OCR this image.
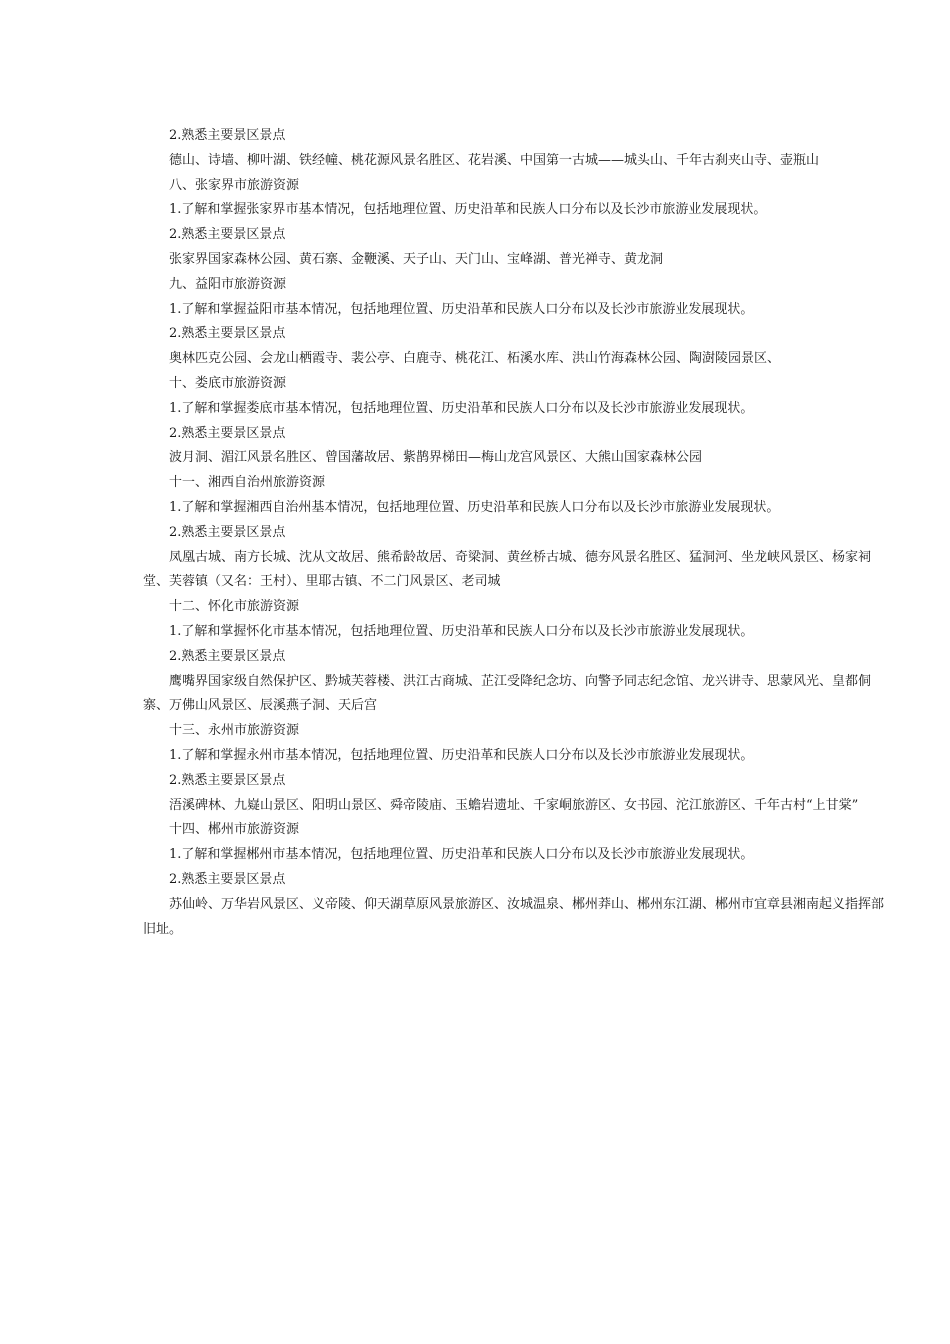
2.熟悉主要景区景点

德山、诗墙、柳叶湖、铁经幢、桃花源风景名胜区、花岩溪、中国第一古城——城头山、千年古刹夹山寺、壶瓶山

八、张家界市旅游资源

1.了解和掌握张家界市基本情况，包括地理位置、历史沿革和民族人口分布以及长沙市旅游业发展现状。

2.熟悉主要景区景点

张家界国家森林公园、黄石寨、金鞭溪、天子山、天门山、宝峰湖、普光禅寺、黄龙洞

九、益阳市旅游资源

1.了解和掌握益阳市基本情况，包括地理位置、历史沿革和民族人口分布以及长沙市旅游业发展现状。

2.熟悉主要景区景点

奥林匹克公园、会龙山栖霞寺、裴公亭、白鹿寺、桃花江、柘溪水库、洪山竹海森林公园、陶澍陵园景区、

十、娄底市旅游资源

1.了解和掌握娄底市基本情况，包括地理位置、历史沿革和民族人口分布以及长沙市旅游业发展现状。

2.熟悉主要景区景点

波月洞、湄江风景名胜区、曾国藩故居、紫鹊界梯田—梅山龙宫风景区、大熊山国家森林公园

十一、湘西自治州旅游资源

1.了解和掌握湘西自治州基本情况，包括地理位置、历史沿革和民族人口分布以及长沙市旅游业发展现状。

2.熟悉主要景区景点

凤凰古城、南方长城、沈从文故居、熊希龄故居、奇梁洞、黄丝桥古城、德夯风景名胜区、猛洞河、坐龙峡风景区、杨家祠堂、芙蓉镇（又名：王村）、里耶古镇、不二门风景区、老司城

十二、怀化市旅游资源

1.了解和掌握怀化市基本情况，包括地理位置、历史沿革和民族人口分布以及长沙市旅游业发展现状。

2.熟悉主要景区景点

鹰嘴界国家级自然保护区、黔城芙蓉楼、洪江古商城、芷江受降纪念坊、向警予同志纪念馆、龙兴讲寺、思蒙风光、皇都侗寨、万佛山风景区、辰溪燕子洞、天后宫

十三、永州市旅游资源

1.了解和掌握永州市基本情况，包括地理位置、历史沿革和民族人口分布以及长沙市旅游业发展现状。

2.熟悉主要景区景点

浯溪碑林、九嶷山景区、阳明山景区、舜帝陵庙、玉蟾岩遗址、千家峒旅游区、女书园、沱江旅游区、千年古村“上甘棠”

十四、郴州市旅游资源

1.了解和掌握郴州市基本情况，包括地理位置、历史沿革和民族人口分布以及长沙市旅游业发展现状。

2.熟悉主要景区景点

苏仙岭、万华岩风景区、义帝陵、仰天湖草原风景旅游区、汝城温泉、郴州莽山、郴州东江湖、郴州市宜章县湘南起义指挥部旧址。
